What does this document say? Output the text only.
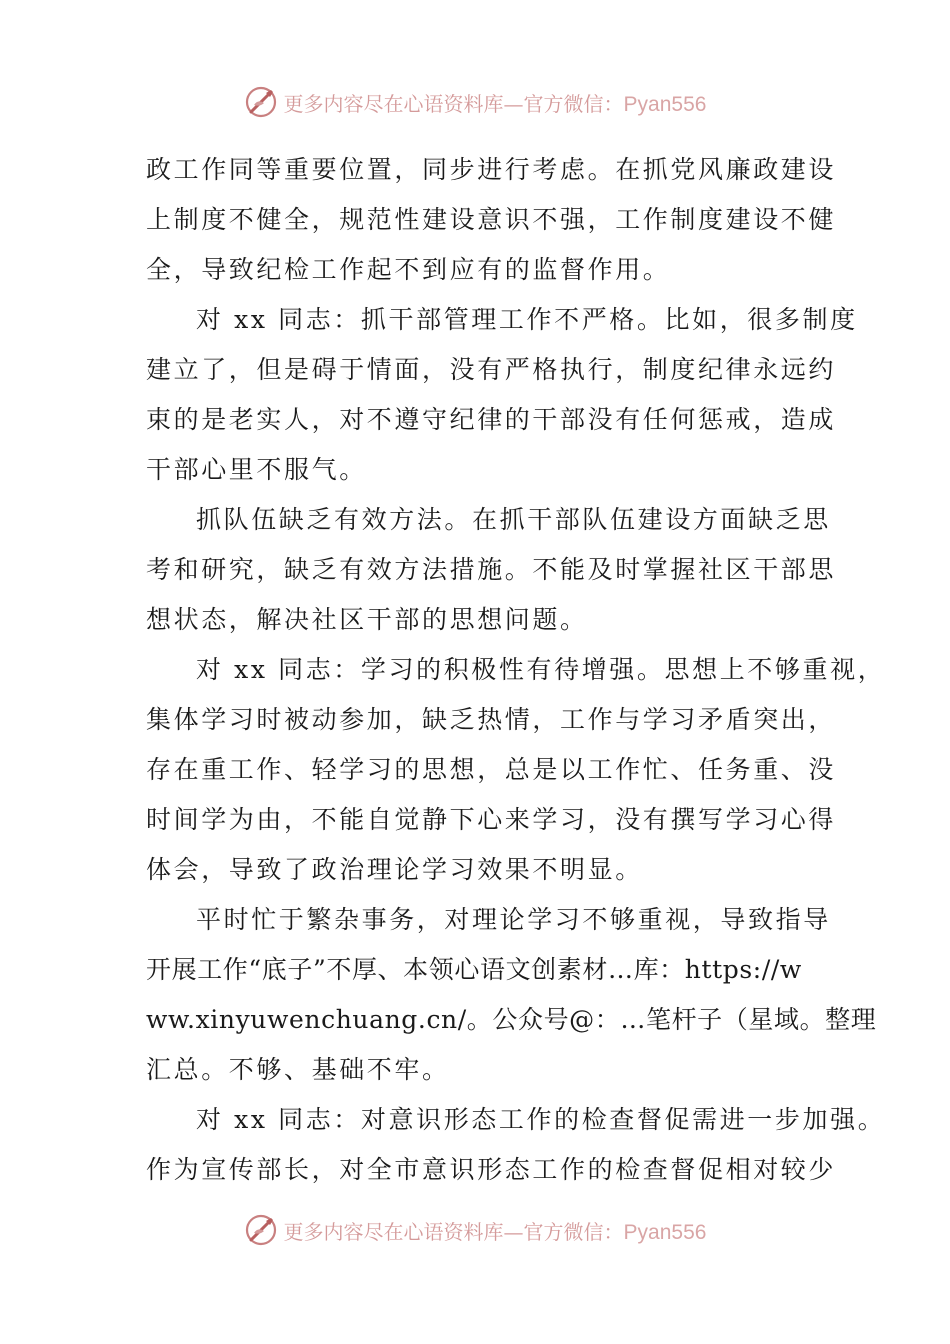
更多内容尽在心语资料库—官方微信：Pyan556
政工作同等重要位置，同步进行考虑。在抓党风廉政建设
上制度不健全，规范性建设意识不强，工作制度建设不健
全，导致纪检工作起不到应有的监督作用。
对 xx 同志：抓干部管理工作不严格。比如，很多制度
建立了，但是碍于情面，没有严格执行，制度纪律永远约
束的是老实人，对不遵守纪律的干部没有任何惩戒，造成
干部心里不服气。
抓队伍缺乏有效方法。在抓干部队伍建设方面缺乏思
考和研究，缺乏有效方法措施。不能及时掌握社区干部思
想状态，解决社区干部的思想问题。
对 xx 同志：学习的积极性有待增强。思想上不够重视，
集体学习时被动参加，缺乏热情，工作与学习矛盾突出，
存在重工作、轻学习的思想，总是以工作忙、任务重、没
时间学为由，不能自觉静下心来学习，没有撰写学习心得
体会，导致了政治理论学习效果不明显。
平时忙于繁杂事务，对理论学习不够重视，导致指导
开展工作“底子”不厚、本领心语文创素材…库：https://w
ww.xinyuwenchuang.cn/。公众号@：…笔杆子（星域。整理
汇总。不够、基础不牢。
对 xx 同志：对意识形态工作的检查督促需进一步加强。
作为宣传部长，对全市意识形态工作的检查督促相对较少
更多内容尽在心语资料库—官方微信：Pyan556
